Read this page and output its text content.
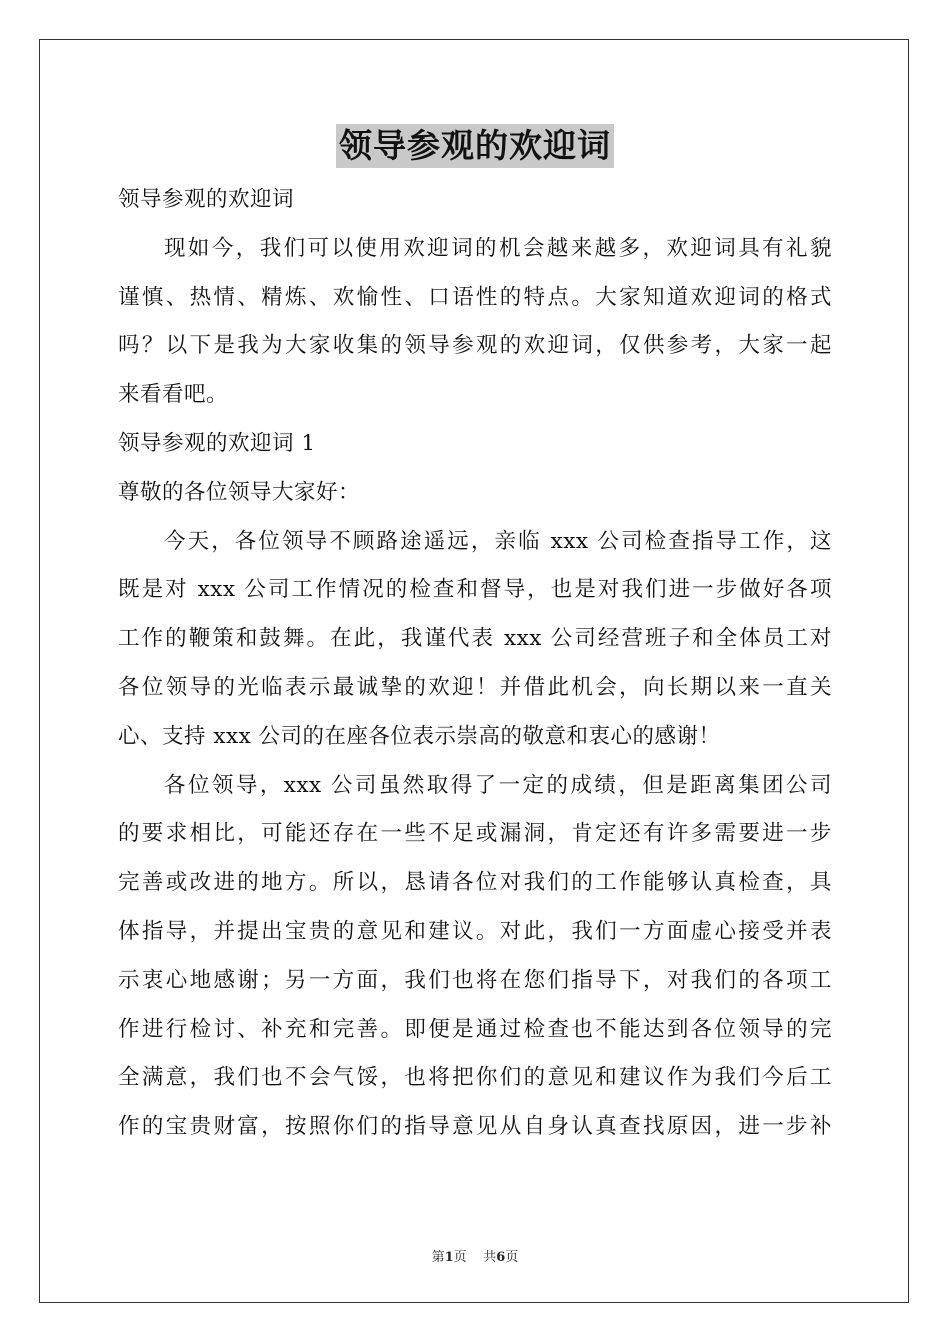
领导参观的欢迎词
领导参观的欢迎词
现如今，我们可以使用欢迎词的机会越来越多，欢迎词具有礼貌
谨慎、热情、精炼、欢愉性、口语性的特点。大家知道欢迎词的格式
吗？以下是我为大家收集的领导参观的欢迎词，仅供参考，大家一起
来看看吧。
领导参观的欢迎词 1
尊敬的各位领导大家好：
今天，各位领导不顾路途遥远，亲临 xxx 公司检查指导工作，这
既是对 xxx 公司工作情况的检查和督导，也是对我们进一步做好各项
工作的鞭策和鼓舞。在此，我谨代表 xxx 公司经营班子和全体员工对
各位领导的光临表示最诚挚的欢迎！并借此机会，向长期以来一直关
心、支持 xxx 公司的在座各位表示崇高的敬意和衷心的感谢！
各位领导，xxx 公司虽然取得了一定的成绩，但是距离集团公司
的要求相比，可能还存在一些不足或漏洞，肯定还有许多需要进一步
完善或改进的地方。所以，恳请各位对我们的工作能够认真检查，具
体指导，并提出宝贵的意见和建议。对此，我们一方面虚心接受并表
示衷心地感谢；另一方面，我们也将在您们指导下，对我们的各项工
作进行检讨、补充和完善。即便是通过检查也不能达到各位领导的完
全满意，我们也不会气馁，也将把你们的意见和建议作为我们今后工
作的宝贵财富，按照你们的指导意见从自身认真查找原因，进一步补
第1页 共6页
